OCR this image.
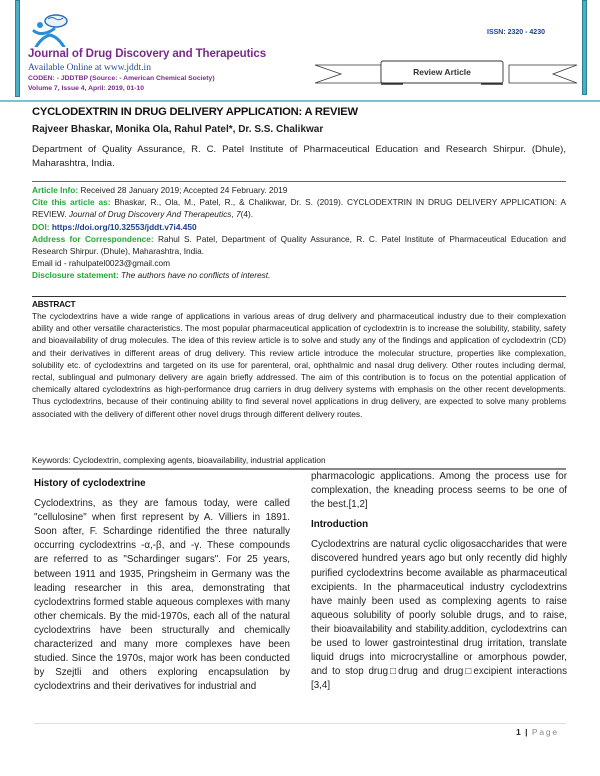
Journal of Drug Discovery and Therapeutics
Available Online at www.jddt.in
CODEN: - JDDTBP (Source: - American Chemical Society)
Volume 7, Issue 4, April: 2019, 01-10
ISSN: 2320 - 4230
Review Article
CYCLODEXTRIN IN DRUG DELIVERY APPLICATION: A REVIEW
Rajveer Bhaskar, Monika Ola, Rahul Patel*, Dr. S.S. Chalikwar
Department of Quality Assurance, R. C. Patel Institute of Pharmaceutical Education and Research Shirpur. (Dhule), Maharashtra, India.

Article Info: Received 28 January 2019; Accepted 24 February. 2019

Cite this article as: Bhaskar, R., Ola, M., Patel, R., & Chalikwar, Dr. S. (2019). CYCLODEXTRIN IN DRUG DELIVERY APPLICATION: A REVIEW. Journal of Drug Discovery And Therapeutics, 7(4).

DOI: https://doi.org/10.32553/jddt.v7i4.450

Address for Correspondence: Rahul S. Patel, Department of Quality Assurance, R. C. Patel Institute of Pharmaceutical Education and Research Shirpur. (Dhule), Maharashtra, India.

Email id - rahulpatel0023@gmail.com

Disclosure statement: The authors have no conflicts of interest.

ABSTRACT

The cyclodextrins have a wide range of applications in various areas of drug delivery and pharmaceutical industry due to their complexation ability and other versatile characteristics. The most popular pharmaceutical application of cyclodextrin is to increase the solubility, stability, safety and bioavailability of drug molecules. The idea of this review article is to solve and study any of the findings and application of cyclodextrin (CD) and their derivatives in different areas of drug delivery. This review article introduce the molecular structure, properties like complexation, solubility etc. of cyclodextrins and targeted on its use for parenteral, oral, ophthalmic and nasal drug delivery. Other routes including dermal, rectal, sublingual and pulmonary delivery are again briefly addressed. The aim of this contribution is to focus on the potential application of chemically altared cyclodextrins as high-performance drug carriers in drug delivery systems with emphasis on the other recent developments. Thus cyclodextrins, because of their continuing ability to find several novel applications in drug delivery, are expected to solve many problems associated with the delivery of different other novel drugs through different delivery routes.

Keywords: Cyclodextrin, complexing agents, bioavailability, industrial application
History of cyclodextrine

Cyclodextrins, as they are famous today, were called "cellulosine" when first represent by A. Villiers in 1891. Soon after, F. Schardinge ridentified the three naturally occurring cyclodextrins -α,-β, and -γ. These compounds are referred to as "Schardinger sugars". For 25 years, between 1911 and 1935, Pringsheim in Germany was the leading researcher in this area, demonstrating that cyclodextrins formed stable aqueous complexes with many other chemicals. By the mid-1970s, each all of the natural cyclodextrins have been structurally and chemically characterized and many more complexes have been studied. Since the 1970s, major work has been conducted by Szejtli and others exploring encapsulation by cyclodextrins and their derivatives for industrial and

pharmacologic applications. Among the process use for complexation, the kneading process seems to be one of the best.[1,2]

Introduction

Cyclodextrins are natural cyclic oligosaccharides that were discovered hundred years ago but only recently did highly purified cyclodextrins become available as pharmaceutical excipients. In the pharmaceutical industry cyclodextrins have mainly been used as complexing agents to raise aqueous solubility of poorly soluble drugs, and to raise, their bioavailability and stability.addition, cyclodextrins can be used to lower gastrointestinal drug irritation, translate liquid drugs into microcrystalline or amorphous powder, and to stop drug□drug and drug□excipient interactions [3,4]

1 | Page
